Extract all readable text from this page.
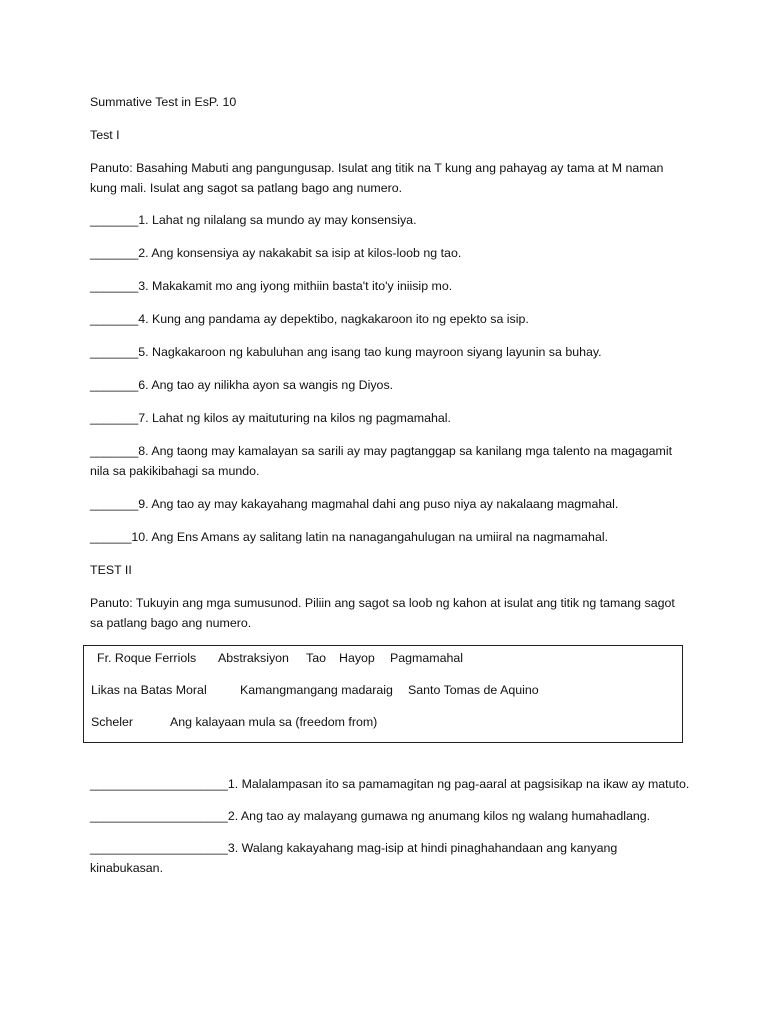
Summative Test in EsP. 10

Test I

Panuto: Basahing Mabuti ang pangungusap. Isulat ang titik na T kung ang pahayag ay tama at M naman kung mali. Isulat ang sagot sa patlang bago ang numero.

_______1. Lahat ng nilalang sa mundo ay may konsensiya.

_______2. Ang konsensiya ay nakakabit sa isip at kilos-loob ng tao.

_______3. Makakamit mo ang iyong mithiin basta't ito'y iniisip mo.

_______4. Kung ang pandama ay depektibo, nagkakaroon ito ng epekto sa isip.

_______5. Nagkakaroon ng kabuluhan ang isang tao kung mayroon siyang layunin sa buhay.

_______6. Ang tao ay nilikha ayon sa wangis ng Diyos.

_______7. Lahat ng kilos ay maituturing na kilos ng pagmamahal.

_______8. Ang taong may kamalayan sa sarili ay may pagtanggap sa kanilang mga talento na magagamit nila sa pakikibahagi sa mundo.

_______9. Ang tao ay may kakayahang magmahal dahi ang puso niya ay nakalaang magmahal.

______10. Ang Ens Amans ay salitang latin na nanagangahulugan na umiiral na nagmamahal.

TEST II

Panuto: Tukuyin ang mga sumusunod. Piliin ang sagot sa loob ng kahon at isulat ang titik ng tamang sagot sa patlang bago ang numero.

Fr. Roque Ferriols Abstraksiyon Tao Hayop Pagmamahal
Likas na Batas Moral	Kamangmangang madaraig Santo Tomas de Aquino
Scheler	Ang kalayaan mula sa (freedom from)

____________________1. Malalampasan ito sa pamamagitan ng pag-aaral at pagsisikap na ikaw ay matuto.

____________________2. Ang tao ay malayang gumawa ng anumang kilos ng walang humahadlang.

____________________3. Walang kakayahang mag-isip at hindi pinaghahandaan ang kanyang kinabukasan.
